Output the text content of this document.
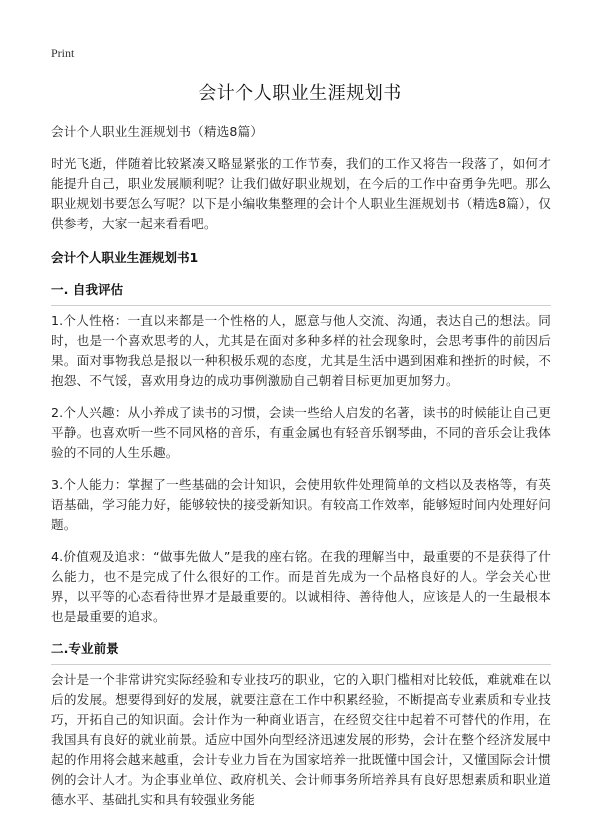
Print
会计个人职业生涯规划书

会计个人职业生涯规划书（精选8篇）

时光飞逝，伴随着比较紧凑又略显紧张的工作节奏，我们的工作又将告一段落了，如何才能提升自己，职业发展顺利呢？让我们做好职业规划，在今后的工作中奋勇争先吧。那么职业规划书要怎么写呢？以下是小编收集整理的会计个人职业生涯规划书（精选8篇），仅供参考，大家一起来看看吧。

会计个人职业生涯规划书1
一. 自我评估

1.个人性格：一直以来都是一个性格的人，愿意与他人交流、沟通，表达自己的想法。同时，也是一个喜欢思考的人，尤其是在面对多种多样的社会现象时，会思考事件的前因后果。面对事物我总是报以一种积极乐观的态度，尤其是生活中遇到困难和挫折的时候，不抱怨、不气馁，喜欢用身边的成功事例激励自己朝着目标更加更加努力。

2.个人兴趣：从小养成了读书的习惯，会读一些给人启发的名著，读书的时候能让自己更平静。也喜欢听一些不同风格的音乐，有重金属也有轻音乐钢琴曲，不同的音乐会让我体验的不同的人生乐趣。

3.个人能力：掌握了一些基础的会计知识，会使用软件处理简单的文档以及表格等，有英语基础，学习能力好，能够较快的接受新知识。有较高工作效率，能够短时间内处理好问题。

4.价值观及追求：“做事先做人”是我的座右铭。在我的理解当中，最重要的不是获得了什么能力，也不是完成了什么很好的工作。而是首先成为一个品格良好的人。学会关心世界，以平等的心态看待世界才是最重要的。以诚相待、善待他人，应该是人的一生最根本也是最重要的追求。

二.专业前景

会计是一个非常讲究实际经验和专业技巧的职业，它的入职门槛相对比较低，难就难在以后的发展。想要得到好的发展，就要注意在工作中积累经验，不断提高专业素质和专业技巧，开拓自己的知识面。会计作为一种商业语言，在经贸交往中起着不可替代的作用，在我国具有良好的就业前景。适应中国外向型经济迅速发展的形势，会计在整个经济发展中起的作用将会越来越重，会计专业力旨在为国家培养一批既懂中国会计，又懂国际会计惯例的会计人才。为企事业单位、政府机关、会计师事务所培养具有良好思想素质和职业道德水平、基础扎实和具有较强业务能
